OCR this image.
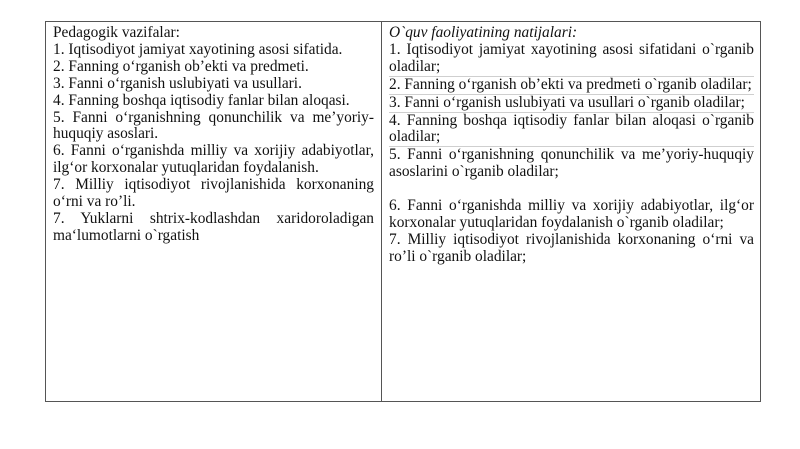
Pedagogik vazifalar:

1. Iqtisodiyot jamiyat xayotining asosi sifatida.

2. Fanning o‘rganish ob’ekti va predmeti.

3. Fanni o‘rganish uslubiyati va usullari.

4. Fanning boshqa iqtisodiy fanlar bilan aloqasi.

5. Fanni o‘rganishning qonunchilik va me’yoriy-huquqiy asoslari.

6. Fanni o‘rganishda milliy va xorijiy adabiyotlar, ilg‘or korxonalar yutuqlaridan foydalanish.

7. Milliy iqtisodiyot rivojlanishida korxonaning o‘rni va ro’li.

7. Yuklarni shtrix-kodlashdan xaridoroladigan ma‘lumotlarni o`rgatish

O`quv faoliyatining natijalari:

1. Iqtisodiyot jamiyat xayotining asosi sifatidani o`rganib oladilar;

2. Fanning o‘rganish ob’ekti va predmeti o`rganib oladilar;

3. Fanni o‘rganish uslubiyati va usullari o`rganib oladilar;

4. Fanning boshqa iqtisodiy fanlar bilan aloqasi o`rganib oladilar;

5. Fanni o‘rganishning qonunchilik va me’yoriy-huquqiy asoslarini o`rganib oladilar;

6. Fanni o‘rganishda milliy va xorijiy adabiyotlar, ilg‘or korxonalar yutuqlaridan foydalanish o`rganib oladilar;

7. Milliy iqtisodiyot rivojlanishida korxonaning o‘rni va ro’li o`rganib oladilar;
